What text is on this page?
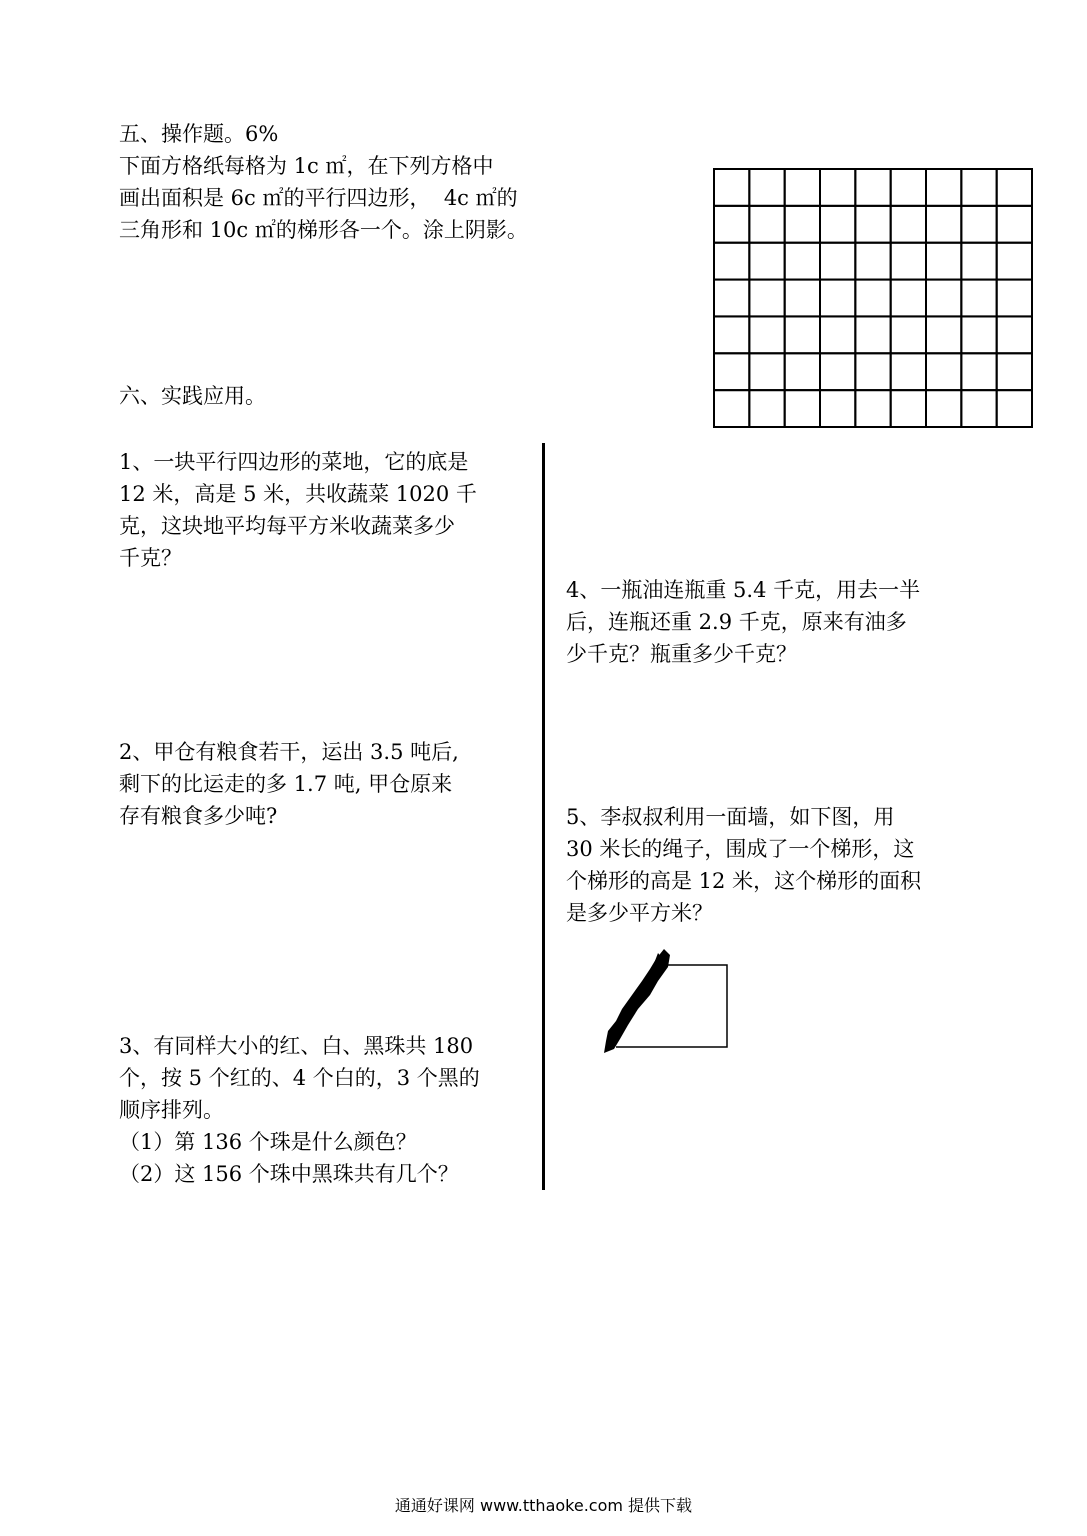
五、操作题。6%
下面方格纸每格为 1c ㎡，在下列方格中
画出面积是 6c ㎡的平行四边形，  4c ㎡的
三角形和 10c ㎡的梯形各一个。涂上阴影。

六、实践应用。

1、一块平行四边形的菜地，它的底是
12 米，高是 5 米，共收蔬菜 1020 千
克，这块地平均每平方米收蔬菜多少
千克？
2、甲仓有粮食若干，运出 3.5 吨后,
剩下的比运走的多 1.7 吨, 甲仓原来
存有粮食多少吨?
3、有同样大小的红、白、黑珠共 180
个，按 5 个红的、4 个白的，3 个黑的
顺序排列。
（1）第 136 个珠是什么颜色？
（2）这 156 个珠中黑珠共有几个？
4、一瓶油连瓶重 5.4 千克，用去一半
后，连瓶还重 2.9 千克，原来有油多
少千克？瓶重多少千克？
5、李叔叔利用一面墙，如下图，用
30 米长的绳子，围成了一个梯形，这
个梯形的高是 12 米，这个梯形的面积
是多少平方米？
通通好课网 www.tthaoke.com 提供下载
